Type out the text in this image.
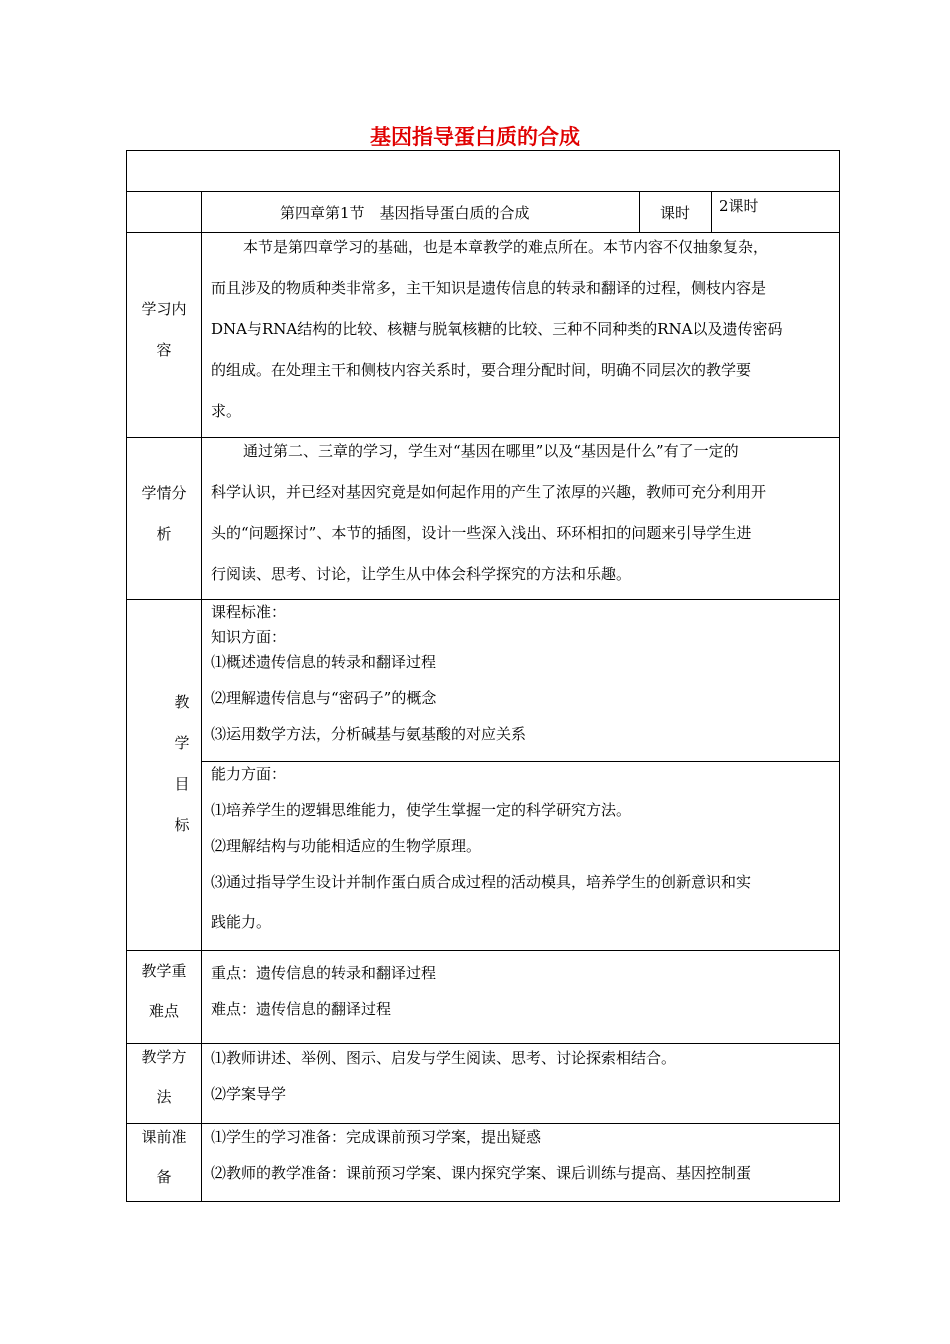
基因指导蛋白质的合成
第四章第1节　基因指导蛋白质的合成	课时 2课时
学习内
容
本节是第四章学习的基础，也是本章教学的难点所在。本节内容不仅抽象复杂，
而且涉及的物质种类非常多，主干知识是遗传信息的转录和翻译的过程，侧枝内容是
DNA与RNA结构的比较、核糖与脱氧核糖的比较、三种不同种类的RNA以及遗传密码
的组成。在处理主干和侧枝内容关系时，要合理分配时间，明确不同层次的教学要
求。
学情分
析
通过第二、三章的学习，学生对“基因在哪里”以及“基因是什么”有了一定的
科学认识，并已经对基因究竟是如何起作用的产生了浓厚的兴趣，教师可充分利用开
头的“问题探讨”、本节的插图，设计一些深入浅出、环环相扣的问题来引导学生进
行阅读、思考、讨论，让学生从中体会科学探究的方法和乐趣。
教
学
目
标
课程标准：
知识方面：
⑴概述遗传信息的转录和翻译过程
⑵理解遗传信息与“密码子”的概念
⑶运用数学方法，分析碱基与氨基酸的对应关系
能力方面：
⑴培养学生的逻辑思维能力，使学生掌握一定的科学研究方法。
⑵理解结构与功能相适应的生物学原理。
⑶通过指导学生设计并制作蛋白质合成过程的活动模具，培养学生的创新意识和实
践能力。
教学重
难点
重点：遗传信息的转录和翻译过程
难点：遗传信息的翻译过程
教学方
法
⑴教师讲述、举例、图示、启发与学生阅读、思考、讨论探索相结合。
⑵学案导学
课前准
备
⑴学生的学习准备：完成课前预习学案，提出疑惑
⑵教师的教学准备：课前预习学案、课内探究学案、课后训练与提高、基因控制蛋
